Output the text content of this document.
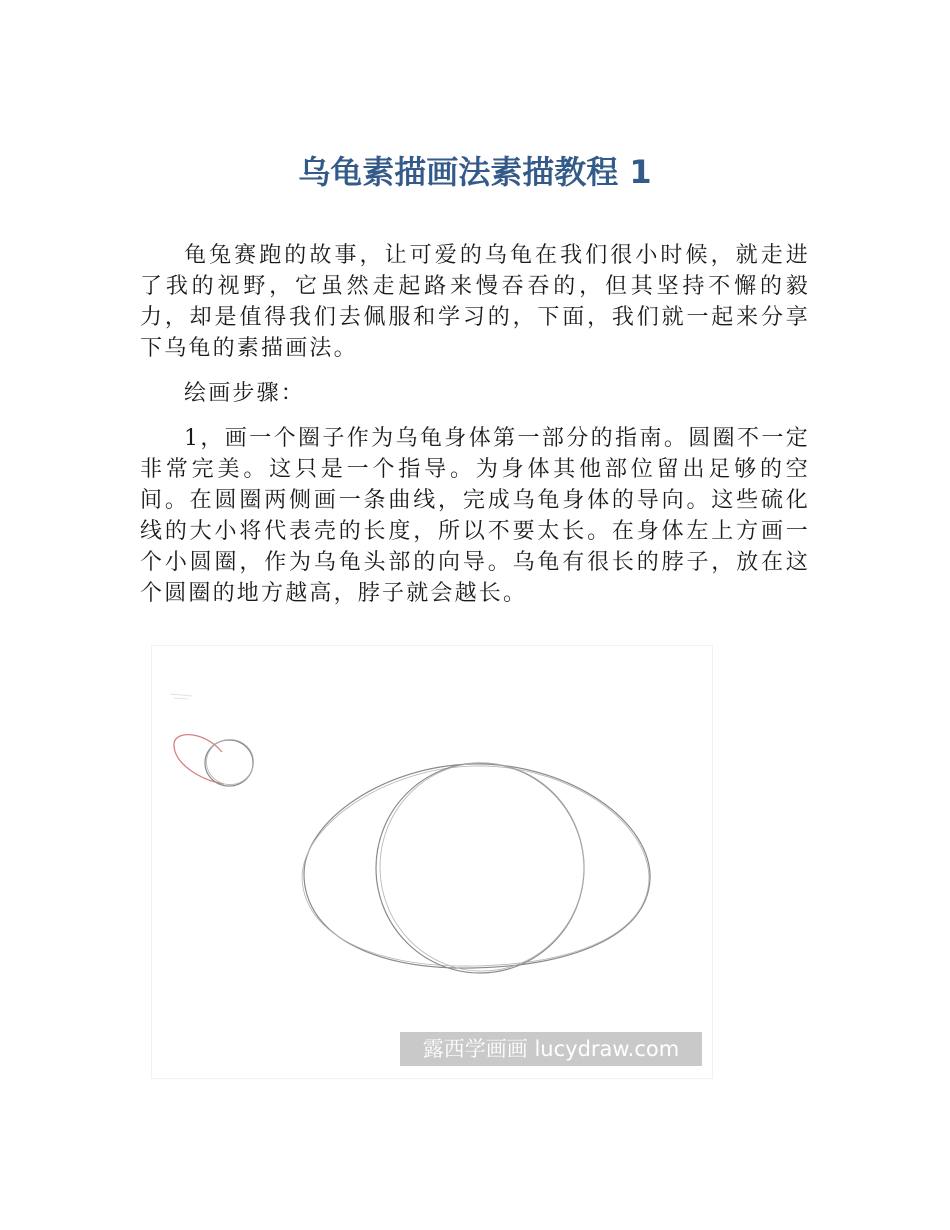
乌龟素描画法素描教程 1

龟兔赛跑的故事，让可爱的乌龟在我们很小时候，就走进了我的视野，它虽然走起路来慢吞吞的，但其坚持不懈的毅力，却是值得我们去佩服和学习的，下面，我们就一起来分享下乌龟的素描画法。

绘画步骤：

1，画一个圈子作为乌龟身体第一部分的指南。圆圈不一定非常完美。这只是一个指导。为身体其他部位留出足够的空间。在圆圈两侧画一条曲线，完成乌龟身体的导向。这些硫化线的大小将代表壳的长度，所以不要太长。在身体左上方画一个小圆圈，作为乌龟头部的向导。乌龟有很长的脖子，放在这个圆圈的地方越高，脖子就会越长。

露西学画画 lucydraw.com
